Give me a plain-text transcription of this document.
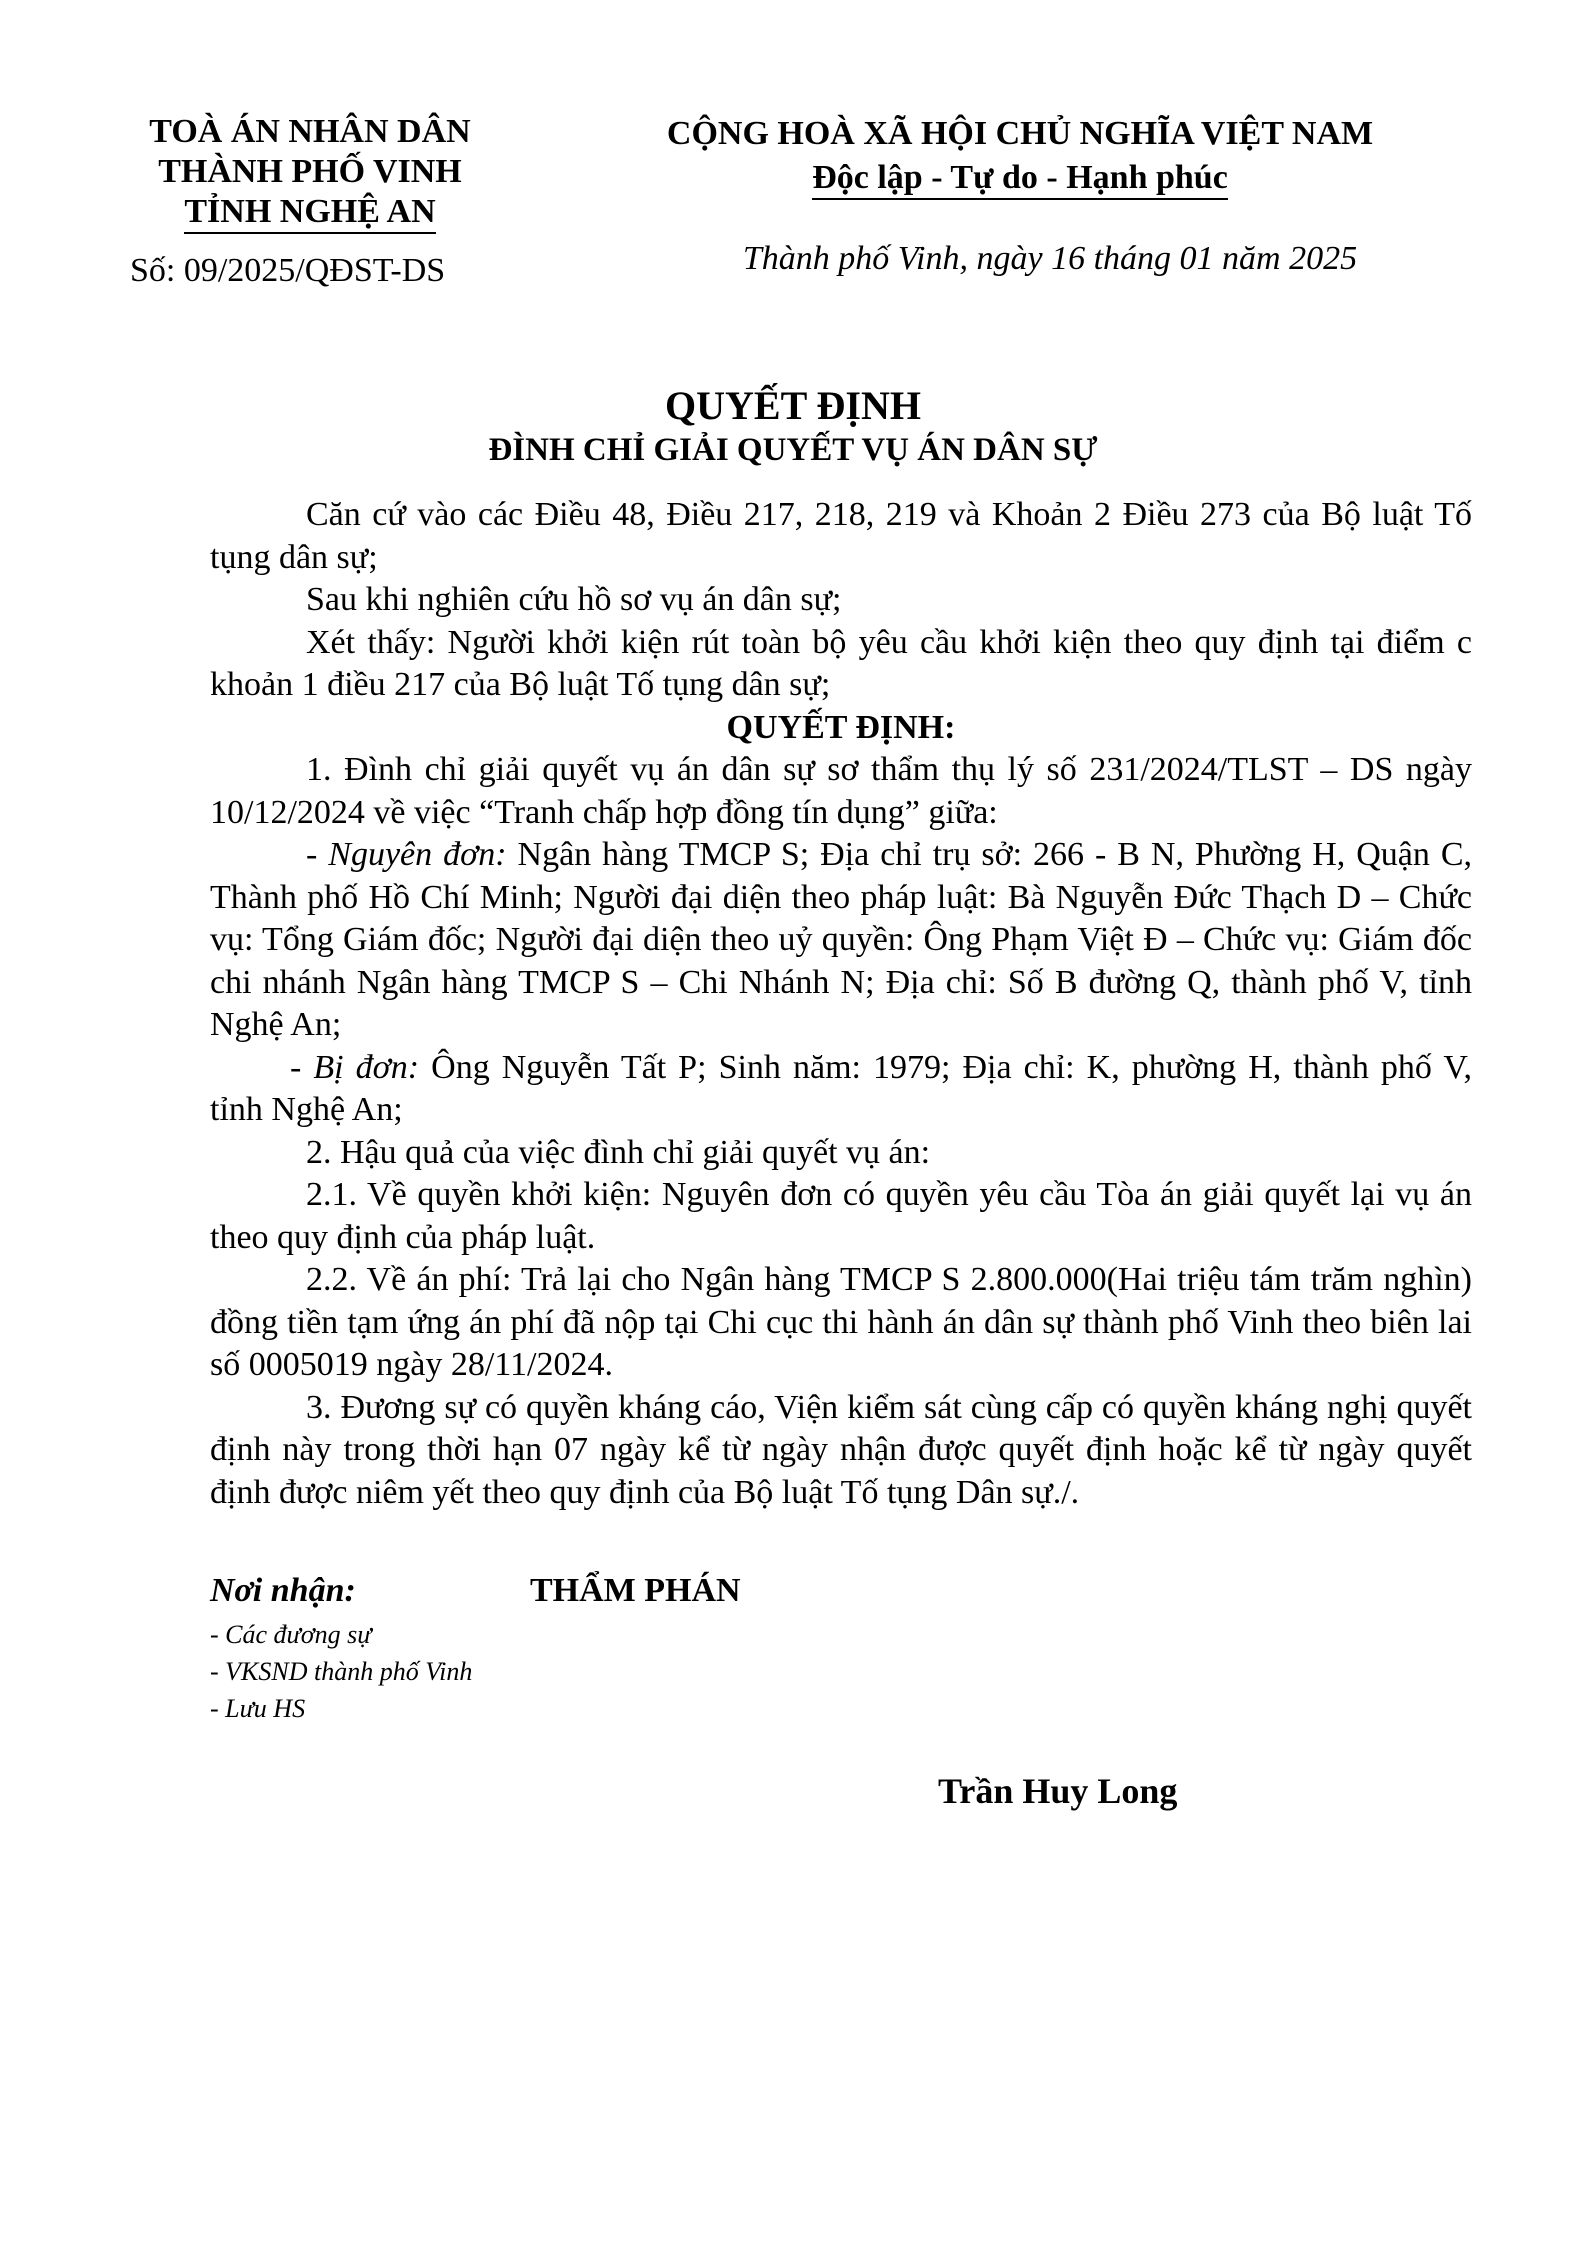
TOÀ ÁN NHÂN DÂN
THÀNH PHỐ VINH
TỈNH NGHỆ AN
Số: 09/2025/QĐST-DS
CỘNG HOÀ XÃ HỘI CHỦ NGHĨA VIỆT NAM
Độc lập - Tự do - Hạnh phúc
Thành phố Vinh, ngày 16 tháng 01 năm 2025
QUYẾT ĐỊNH
ĐÌNH CHỈ GIẢI QUYẾT VỤ ÁN DÂN SỰ

Căn cứ vào các Điều 48, Điều 217, 218, 219 và Khoản 2 Điều 273 của Bộ luật Tố tụng dân sự;

Sau khi nghiên cứu hồ sơ vụ án dân sự;

Xét thấy: Người khởi kiện rút toàn bộ yêu cầu khởi kiện theo quy định tại điểm c khoản 1 điều 217 của Bộ luật Tố tụng dân sự;

QUYẾT ĐỊNH:

1. Đình chỉ giải quyết vụ án dân sự sơ thẩm thụ lý số 231/2024/TLST – DS ngày 10/12/2024 về việc “Tranh chấp hợp đồng tín dụng” giữa:

- Nguyên đơn: Ngân hàng TMCP S; Địa chỉ trụ sở: 266 - B N, Phường H, Quận C, Thành phố Hồ Chí Minh; Người đại diện theo pháp luật: Bà Nguyễn Đức Thạch D – Chức vụ: Tổng Giám đốc; Người đại diện theo uỷ quyền: Ông Phạm Việt Đ – Chức vụ: Giám đốc chi nhánh Ngân hàng TMCP S – Chi Nhánh N; Địa chỉ: Số B đường Q, thành phố V, tỉnh Nghệ An;

- Bị đơn: Ông Nguyễn Tất P; Sinh năm: 1979; Địa chỉ: K, phường H, thành phố V, tỉnh Nghệ An;

2. Hậu quả của việc đình chỉ giải quyết vụ án:

2.1. Về quyền khởi kiện: Nguyên đơn có quyền yêu cầu Tòa án giải quyết lại vụ án theo quy định của pháp luật.

2.2. Về án phí: Trả lại cho Ngân hàng TMCP S 2.800.000(Hai triệu tám trăm nghìn) đồng tiền tạm ứng án phí đã nộp tại Chi cục thi hành án dân sự thành phố Vinh theo biên lai số 0005019 ngày 28/11/2024.

3. Đương sự có quyền kháng cáo, Viện kiểm sát cùng cấp có quyền kháng nghị quyết định này trong thời hạn 07 ngày kể từ ngày nhận được quyết định hoặc kể từ ngày quyết định được niêm yết theo quy định của Bộ luật Tố tụng Dân sự./.

Nơi nhận:
- Các đương sự
- VKSND thành phố Vinh
- Lưu HS
THẨM PHÁN
Trần Huy Long
